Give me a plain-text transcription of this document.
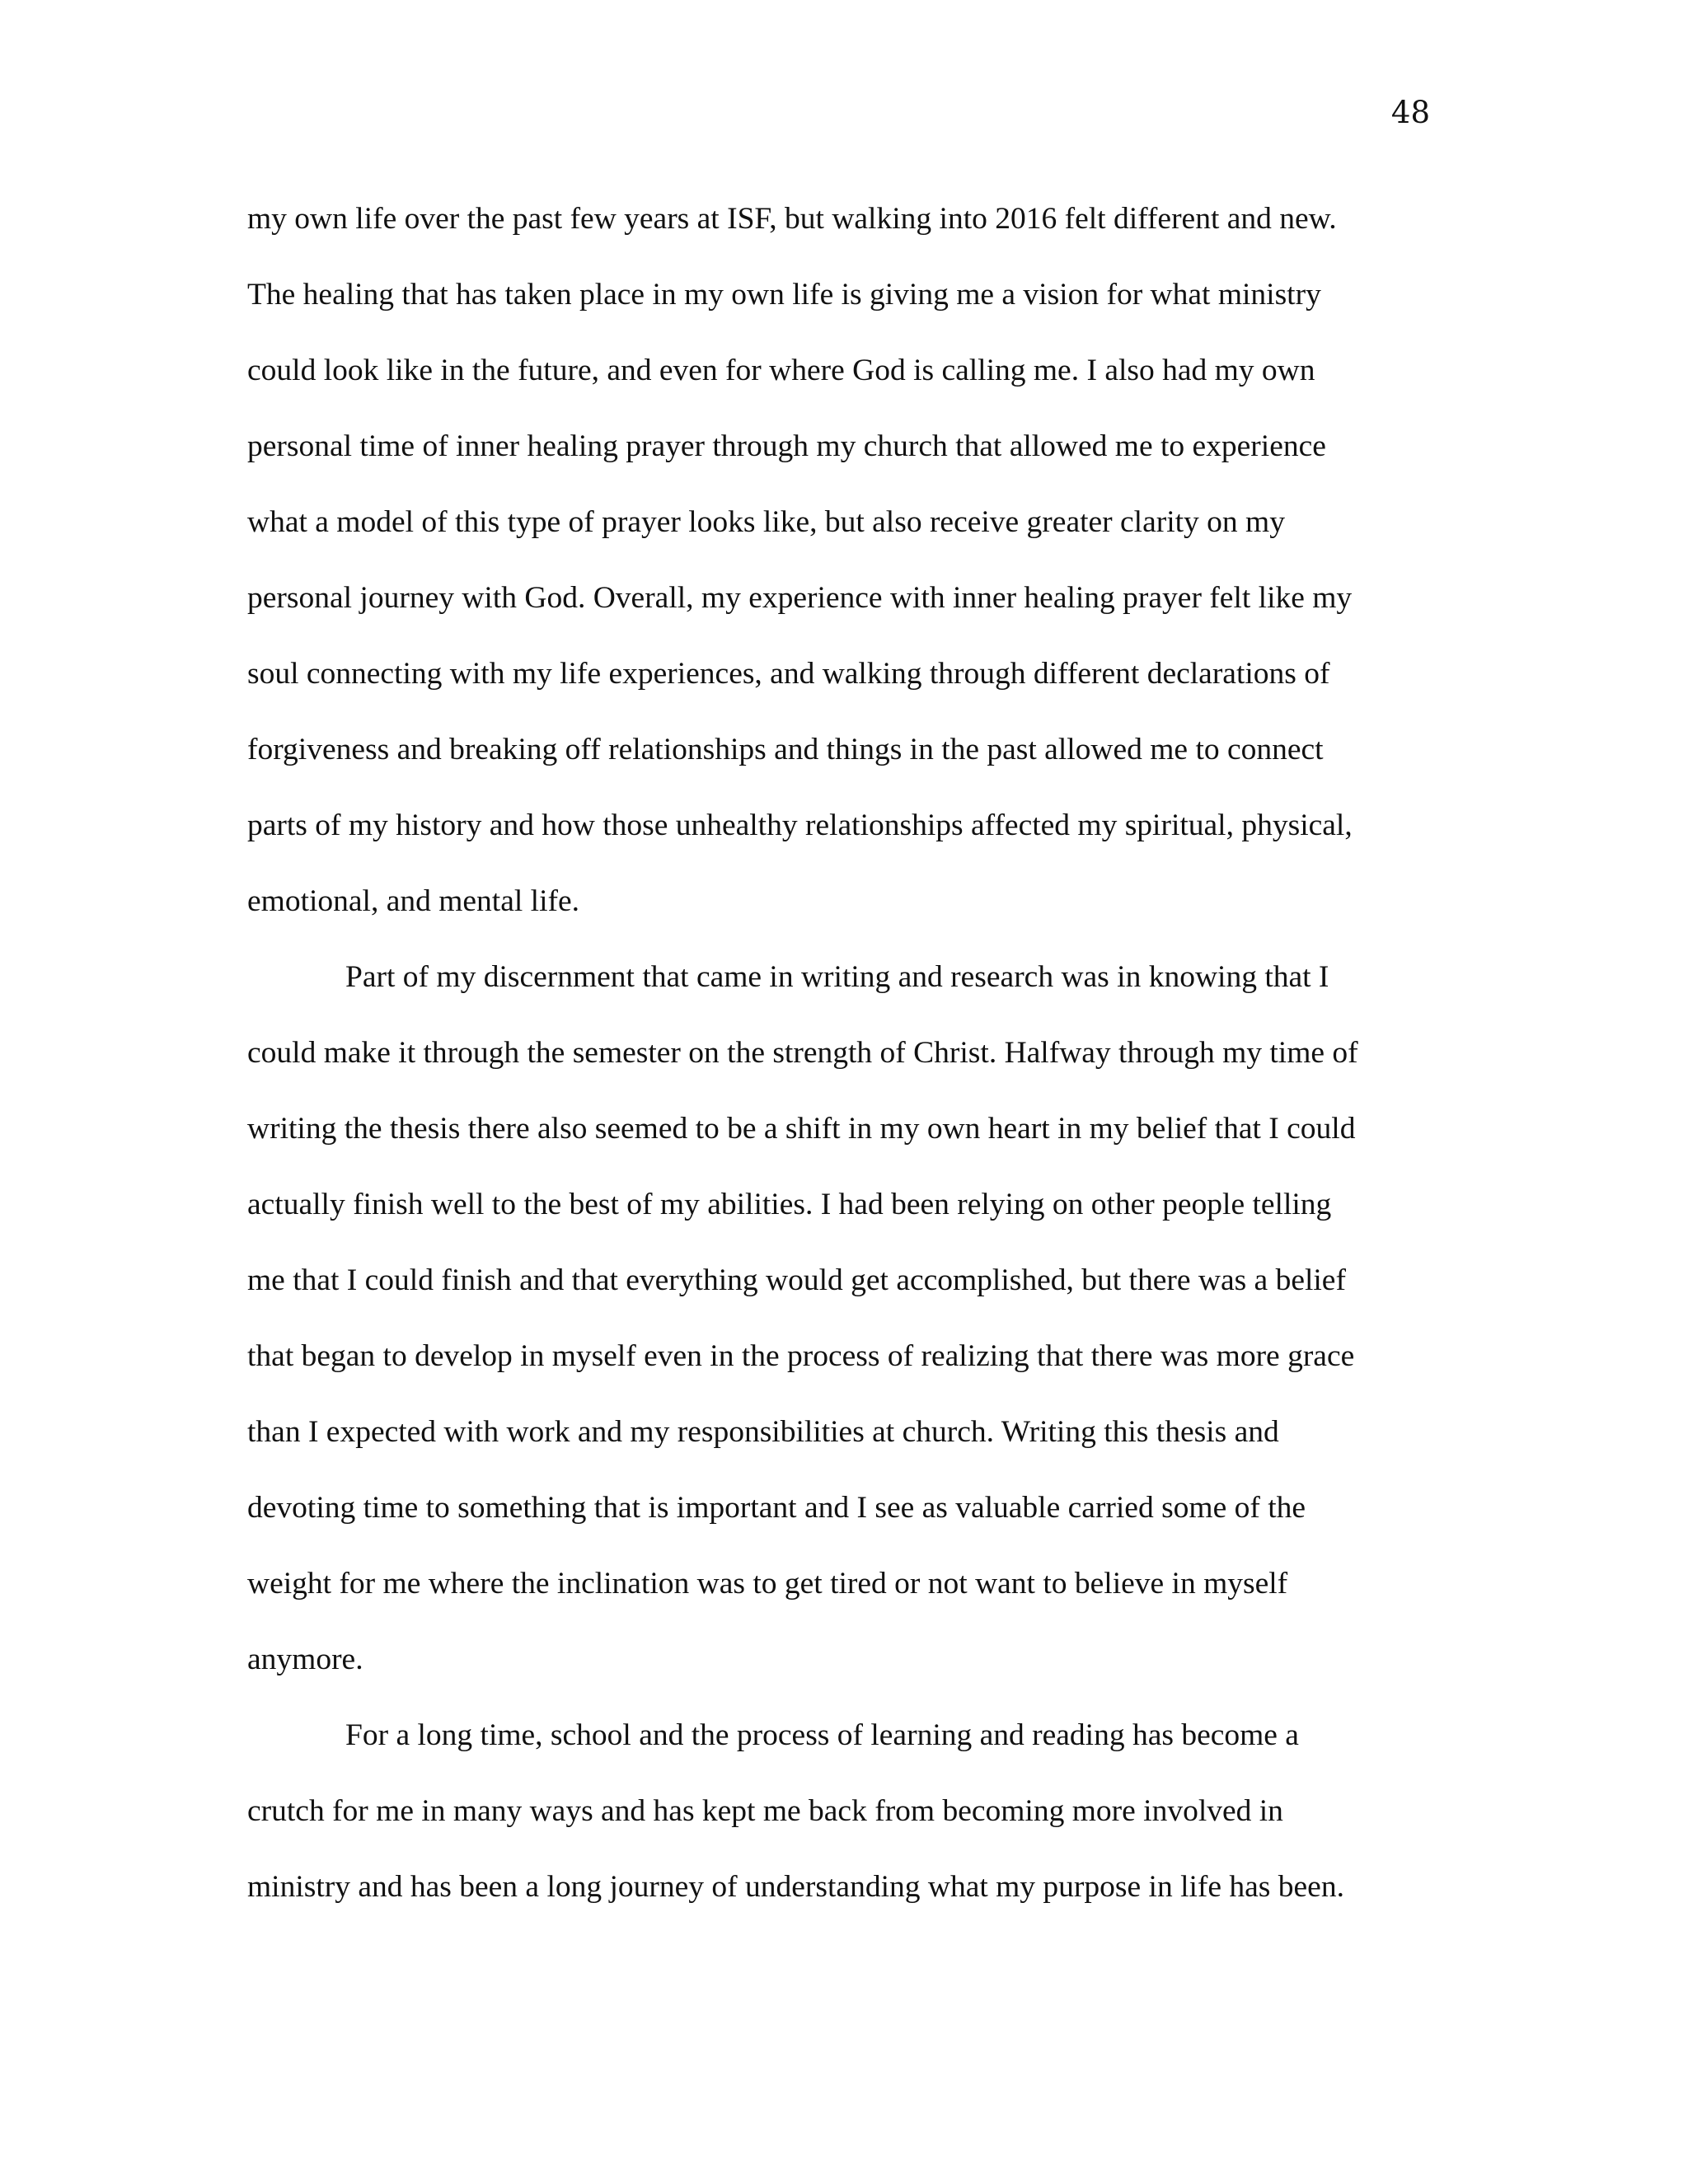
48
my own life over the past few years at ISF, but walking into 2016 felt different and new.
The healing that has taken place in my own life is giving me a vision for what ministry
could look like in the future, and even for where God is calling me. I also had my own
personal time of inner healing prayer through my church that allowed me to experience
what a model of this type of prayer looks like, but also receive greater clarity on my
personal journey with God. Overall, my experience with inner healing prayer felt like my
soul connecting with my life experiences, and walking through different declarations of
forgiveness and breaking off relationships and things in the past allowed me to connect
parts of my history and how those unhealthy relationships affected my spiritual, physical,
emotional, and mental life.
Part of my discernment that came in writing and research was in knowing that I
could make it through the semester on the strength of Christ. Halfway through my time of
writing the thesis there also seemed to be a shift in my own heart in my belief that I could
actually finish well to the best of my abilities. I had been relying on other people telling
me that I could finish and that everything would get accomplished, but there was a belief
that began to develop in myself even in the process of realizing that there was more grace
than I expected with work and my responsibilities at church. Writing this thesis and
devoting time to something that is important and I see as valuable carried some of the
weight for me where the inclination was to get tired or not want to believe in myself
anymore.
For a long time, school and the process of learning and reading has become a
crutch for me in many ways and has kept me back from becoming more involved in
ministry and has been a long journey of understanding what my purpose in life has been.
